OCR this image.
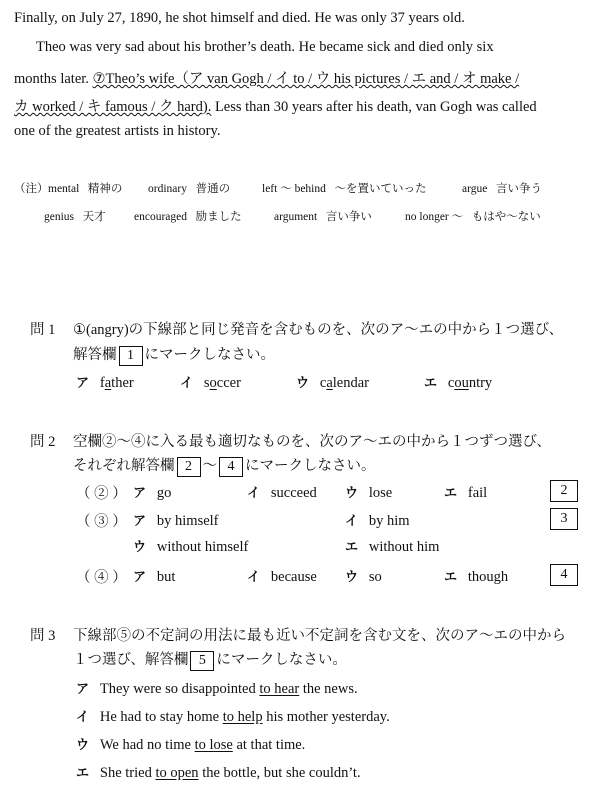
Finally, on July 27, 1890, he shot himself and died. He was only 37 years old.
Theo was very sad about his brother’s death. He became sick and died only six
months later. ⑦Theo’s wife（ア van Gogh / イ to / ウ his pictures / エ and / オ make /
カ worked / キ famous / ク hard). Less than 30 years after his death, van Gogh was called
one of the greatest artists in history.
（注） mental 精神の ordinary 普通の	left ～ behind ～を置いていった	argue 言い争う
genius 天才 encouraged 励ました	argument 言い争い	no longer ～ もはや～ない
問 1 ①(angry)の下線部と同じ発音を含むものを、次のア～エの中から１つ選び、
解答欄 1 にマークしなさい。
ア father	イ soccer	ウ calendar	エ country
問 2 空欄②～④に入る最も適切なものを、次のア～エの中から１つずつ選び、
それぞれ解答欄 2 ～ 4 にマークしなさい。
（ ② ） ア go	イ succeed ウ lose	エ fail	2
（ ③ ） ア by himself	イ by him	3
ウ without himself	エ without him
（ ④ ） ア but	イ because ウ so	エ though	4
問 3 下線部⑤の不定詞の用法に最も近い不定詞を含む文を、次のア～エの中から
１つ選び、解答欄 5 にマークしなさい。
ア They were so disappointed to hear the news.
イ He had to stay home to help his mother yesterday.
ウ We had no time to lose at that time.
エ She tried to open the bottle, but she couldn’t.
